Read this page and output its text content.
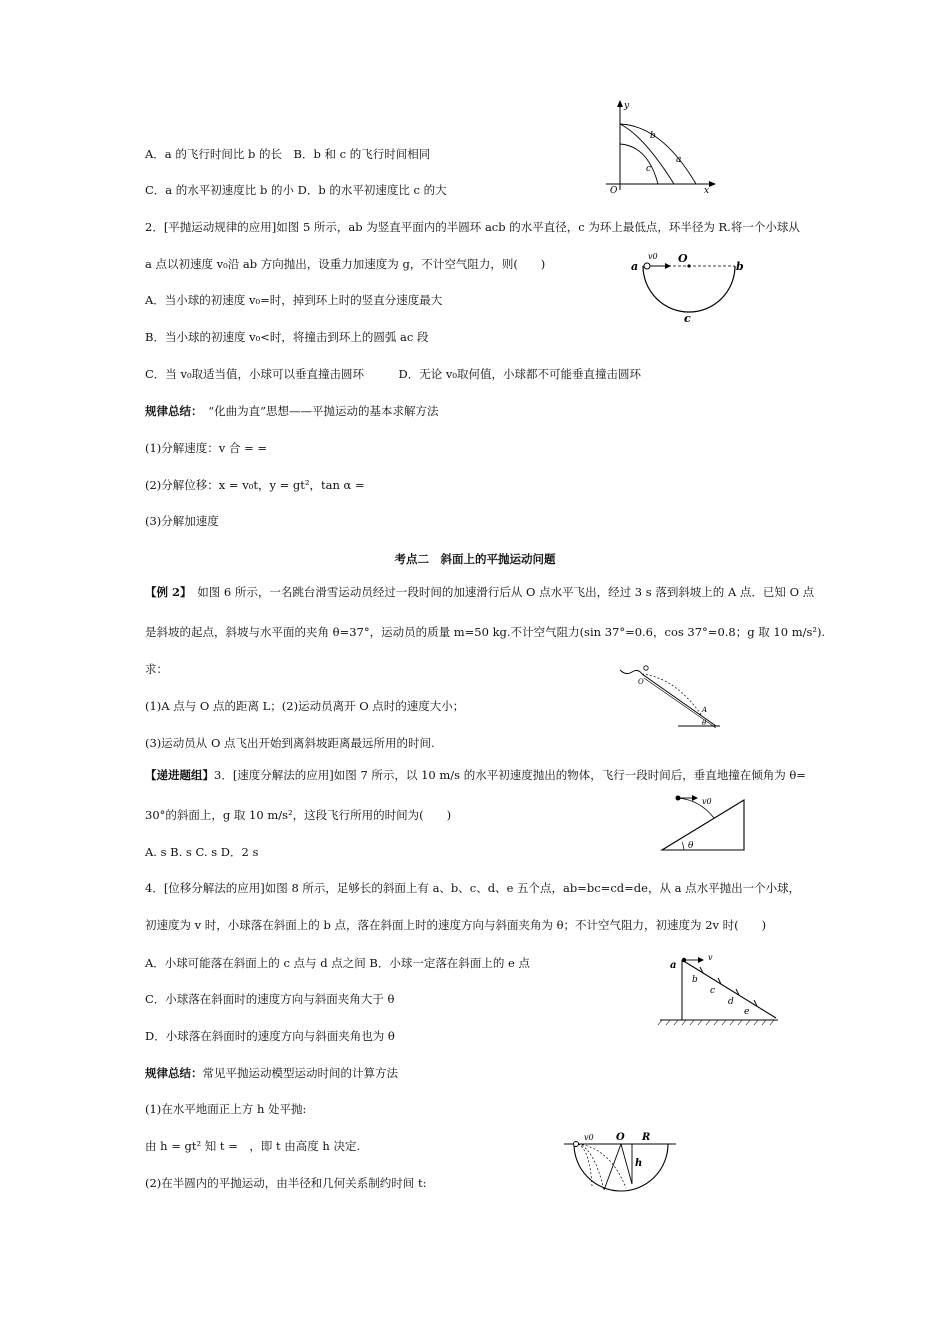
A．a 的飞行时间比 b 的长　B．b 和 c 的飞行时间相同
C．a 的水平初速度比 b 的小 D．b 的水平初速度比 c 的大
2．[平抛运动规律的应用]如图 5 所示，ab 为竖直平面内的半圆环 acb 的水平直径，c 为环上最低点，环半径为 R.将一个小球从
a 点以初速度 v₀沿 ab 方向抛出，设重力加速度为 g，不计空气阻力，则(　　)
A．当小球的初速度 v₀=时，掉到环上时的竖直分速度最大
B．当小球的初速度 v₀<时，将撞击到环上的圆弧 ac 段
C．当 v₀取适当值，小球可以垂直撞击圆环　　　D．无论 v₀取何值，小球都不可能垂直撞击圆环
规律总结：　“化曲为直”思想——平抛运动的基本求解方法
(1)分解速度：v 合 = =
(2)分解位移：x = v₀t，y = gt²，tan α =
(3)分解加速度
考点二　斜面上的平抛运动问题
【例 2】　如图 6 所示，一名跳台滑雪运动员经过一段时间的加速滑行后从 O 点水平飞出，经过 3 s 落到斜坡上的 A 点．已知 O 点
是斜坡的起点，斜坡与水平面的夹角 θ=37°，运动员的质量 m=50 kg.不计空气阻力(sin 37°=0.6，cos 37°=0.8；g 取 10 m/s²).
求：
(1)A 点与 O 点的距离 L；(2)运动员离开 O 点时的速度大小；
(3)运动员从 O 点飞出开始到离斜坡距离最远所用的时间.
【递进题组】3．[速度分解法的应用]如图 7 所示，以 10 m/s 的水平初速度抛出的物体，飞行一段时间后，垂直地撞在倾角为 θ=
30°的斜面上，g 取 10 m/s²，这段飞行所用的时间为(　　)
A. s B. s C. s D．2 s
4．[位移分解法的应用]如图 8 所示，足够长的斜面上有 a、b、c、d、e 五个点，ab=bc=cd=de，从 a 点水平抛出一个小球，
初速度为 v 时，小球落在斜面上的 b 点，落在斜面上时的速度方向与斜面夹角为 θ；不计空气阻力，初速度为 2v 时(　　)
A．小球可能落在斜面上的 c 点与 d 点之间 B．小球一定落在斜面上的 e 点
C．小球落在斜面时的速度方向与斜面夹角大于 θ
D．小球落在斜面时的速度方向与斜面夹角也为 θ
规律总结：常见平抛运动模型运动时间的计算方法
(1)在水平地面正上方 h 处平抛:
由 h = gt² 知 t =　，即 t 由高度 h 决定.
(2)在半圆内的平抛运动，由半径和几何关系制约时间 t:
y
x
O
a
b
c
a	b
c
O
v0
O
A
θ
v0
θ
a
v
b
c
d
e
v0 O R
h
